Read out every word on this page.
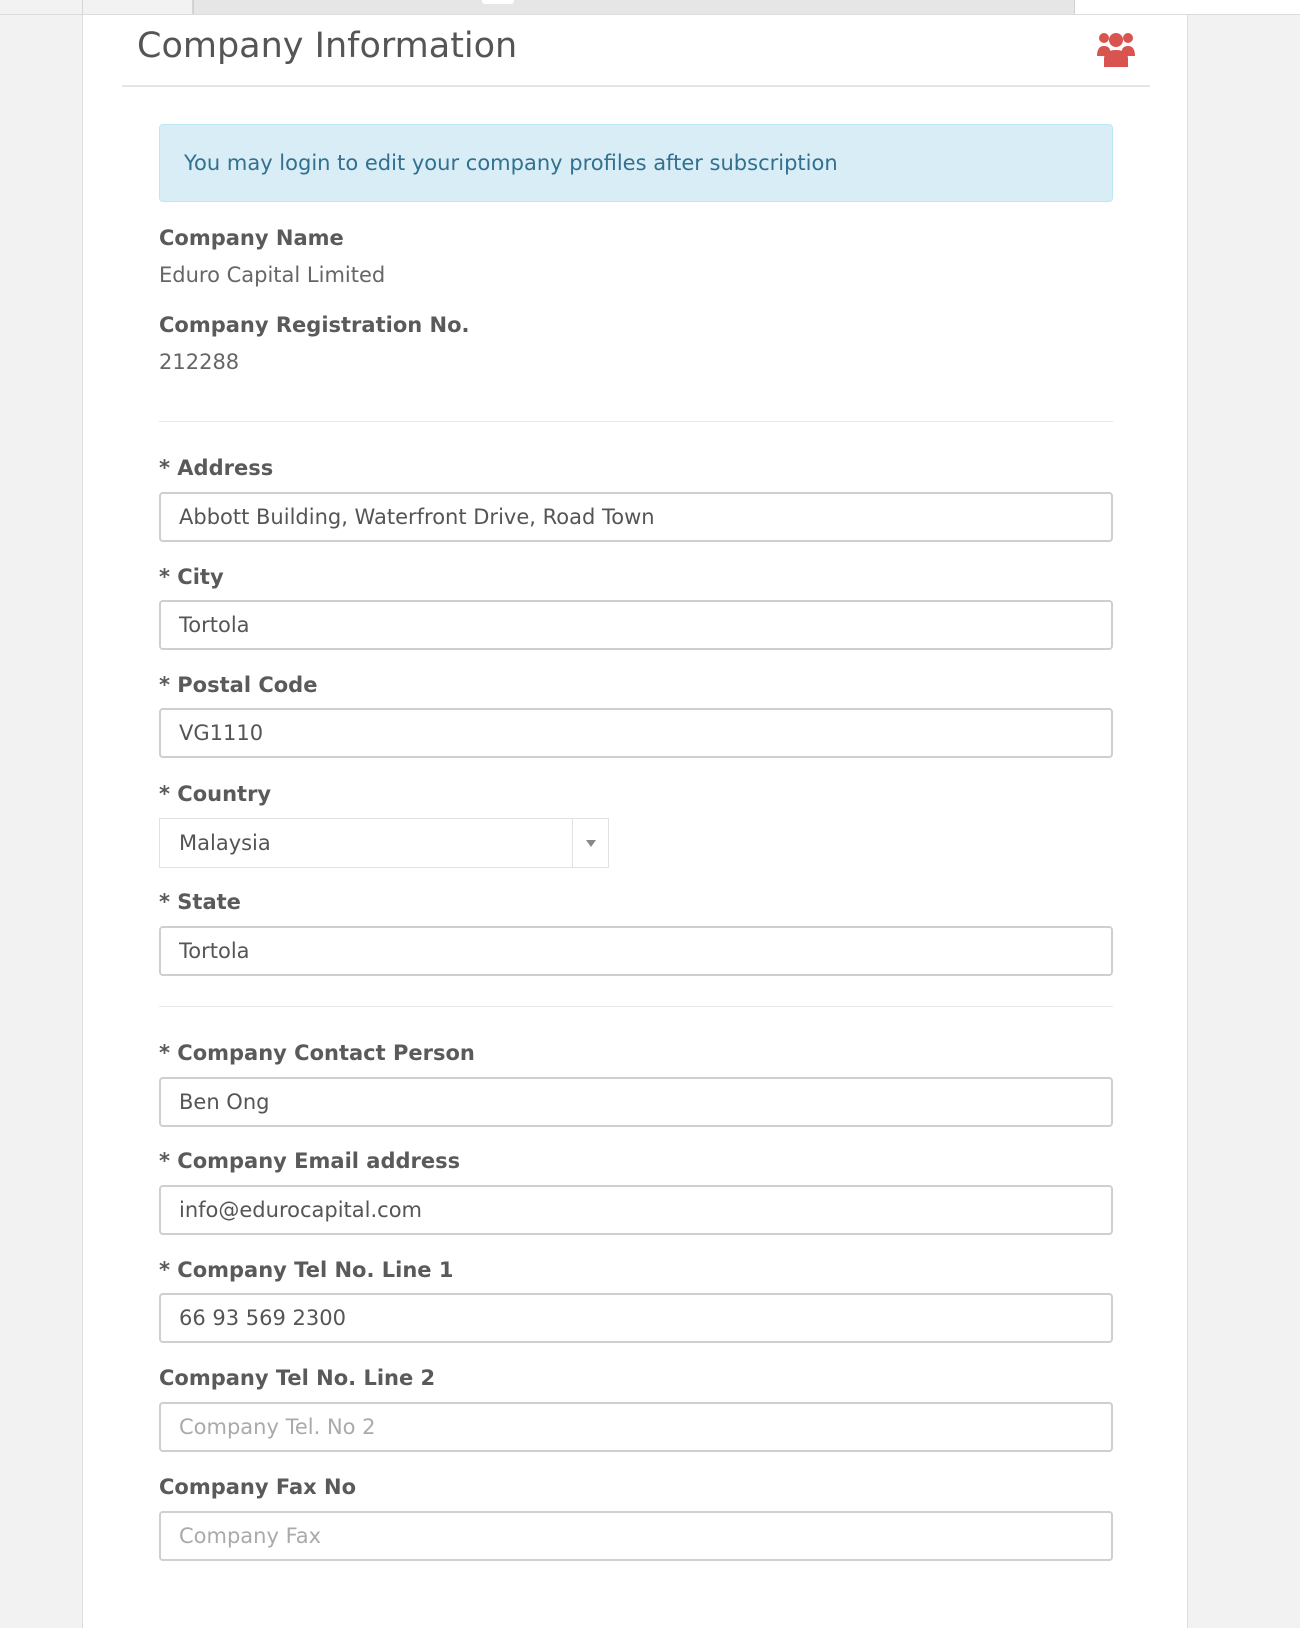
Company Information
You may login to edit your company profiles after subscription
Company Name
Eduro Capital Limited
Company Registration No.
212288
* Address
Abbott Building, Waterfront Drive, Road Town
* City
Tortola
* Postal Code
VG1110
* Country
Malaysia
* State
Tortola
* Company Contact Person
Ben Ong
* Company Email address
info@edurocapital.com
* Company Tel No. Line 1
66 93 569 2300
Company Tel No. Line 2
Company Tel. No 2
Company Fax No
Company Fax
